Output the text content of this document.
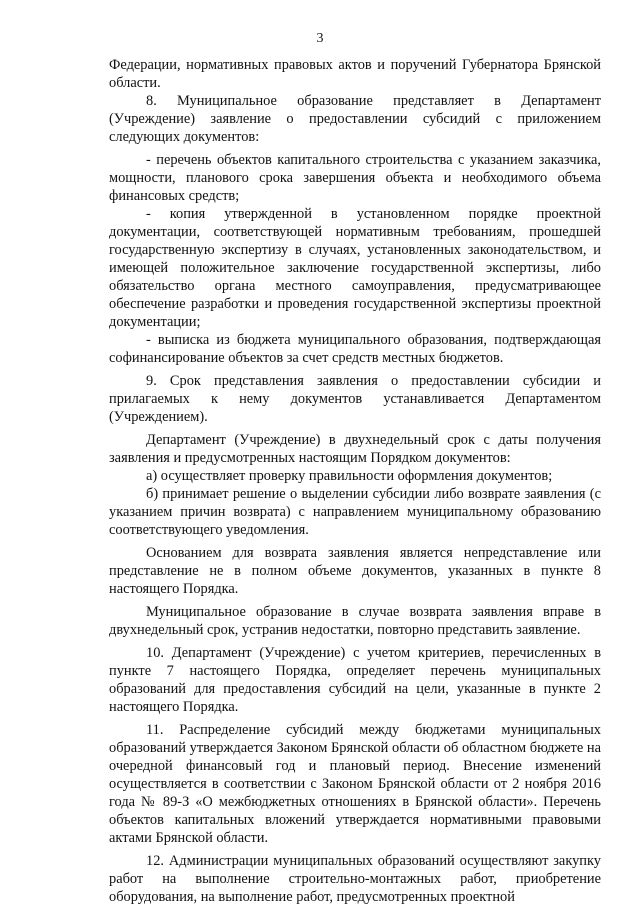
3

Федерации, нормативных правовых актов и поручений Губернатора Брянской области.

8. Муниципальное образование представляет в Департамент (Учреждение) заявление о предоставлении субсидий с приложением следующих документов:

- перечень объектов капитального строительства с указанием заказчика, мощности, планового срока завершения объекта и необходимого объема финансовых средств;

- копия утвержденной в установленном порядке проектной документации, соответствующей нормативным требованиям, прошедшей государственную экспертизу в случаях, установленных законодательством, и имеющей положительное заключение государственной экспертизы, либо обязательство органа местного самоуправления, предусматривающее обеспечение разработки и проведения государственной экспертизы проектной документации;

- выписка из бюджета муниципального образования, подтверждающая софинансирование объектов за счет средств местных бюджетов.

9. Срок представления заявления о предоставлении субсидии и прилагаемых к нему документов устанавливается Департаментом (Учреждением).

Департамент (Учреждение) в двухнедельный срок с даты получения заявления и предусмотренных настоящим Порядком документов:

а) осуществляет проверку правильности оформления документов;

б) принимает решение о выделении субсидии либо возврате заявления (с указанием причин возврата) с направлением муниципальному образованию соответствующего уведомления.

Основанием для возврата заявления является непредставление или представление не в полном объеме документов, указанных в пункте 8 настоящего Порядка.

Муниципальное образование в случае возврата заявления вправе в двухнедельный срок, устранив недостатки, повторно представить заявление.

10. Департамент (Учреждение) с учетом критериев, перечисленных в пункте 7 настоящего Порядка, определяет перечень муниципальных образований для предоставления субсидий на цели, указанные в пункте 2 настоящего Порядка.

11. Распределение субсидий между бюджетами муниципальных образований утверждается Законом Брянской области об областном бюджете на очередной финансовый год и плановый период. Внесение изменений осуществляется в соответствии с Законом Брянской области от 2 ноября 2016 года № 89-З «О межбюджетных отношениях в Брянской области». Перечень объектов капитальных вложений утверждается нормативными правовыми актами Брянской области.

12. Администрации муниципальных образований осуществляют закупку работ на выполнение строительно-монтажных работ, приобретение оборудования, на выполнение работ, предусмотренных проектной
